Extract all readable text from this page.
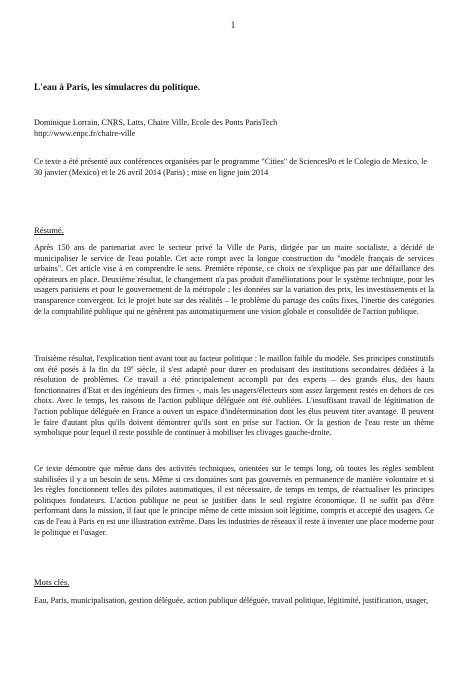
1
L'eau à Paris, les simulacres du politique.
Dominique Lorrain, CNRS, Latts, Chaire Ville, Ecole des Ponts ParisTech
http://www.enpc.fr/chaire-ville
Ce texte a été présenté aux conférences organisées par le programme "Cities" de SciencesPo et le Colegio de Mexico, le 30 janvier (Mexico) et le 26 avril 2014 (Paris) ; mise en ligne juin 2014
Résumé.
Après 150 ans de partenariat avec le secteur privé la Ville de Paris, dirigée par un maire socialiste, a décidé de municipaliser le service de l'eau potable. Cet acte rompt avec la longue construction du "modèle français de services urbains". Cet article vise à en comprendre le sens. Première réponse, ce choix ne s'explique pas par une défaillance des opérateurs en place. Deuxième résultat, le changement n'a pas produit d'améliorations pour le système technique, pour les usagers parisiens et pour le gouvernement de la métropole ; les données sur la variation des prix, les investissements et la transparence convergent. Ici le projet bute sur des réalités – le problème du partage des coûts fixes, l'inertie des catégories de la comptabilité publique qui ne génèrent pas automatiquement une vision globale et consolidée de l'action publique.
Troisième résultat, l'explication tient avant tout au facteur politique : le maillon faible du modèle. Ses principes constitutifs ont été posés à la fin du 19e siècle, il s'est adapté pour durer en produisant des institutions secondaires dédiées à la résolution de problèmes. Ce travail a été principalement accompli par des experts – des grands élus, des hauts fonctionnaires d'Etat et des ingénieurs des firmes -, mais les usagers/électeurs sont assez largement restés en dehors de ces choix. Avec le temps, les raisons de l'action publique déléguée ont été oubliées. L'insuffisant travail de légitimation de l'action publique déléguée en France a ouvert un espace d'indétermination dont les élus peuvent tirer avantage. Il peuvent le faire d'autant plus qu'ils doivent démontrer qu'ils sont en prise sur l'action. Or la gestion de l'eau reste un thème symbolique pour lequel il reste possible de continuer à mobiliser les clivages gauche-droite.
Ce texte démontre que même dans des activités techniques, orientées sur le temps long, où toutes les règles semblent stabilisées il y a un besoin de sens. Même si ces domaines sont pas gouvernés en permanence de manière volontaire et si les règles fonctionnent telles des pilotes automatiques, il est nécessaire, de temps en temps, de réactualiser les principes politiques fondateurs. L'action publique ne peut se justifier dans le seul registre économique. Il ne suffit pas d'être performant dans la mission, il faut que le principe même de cette mission soit légitime, compris et accepté des usagers. Ce cas de l'eau à Paris en est une illustration extrême. Dans les industries de réseaux il reste à inventer une place moderne pour le politique et l'usager.
Mots clés.
Eau, Paris, municipalisation, gestion déléguée, action publique déléguée, travail politique, légitimité, justification, usager,
